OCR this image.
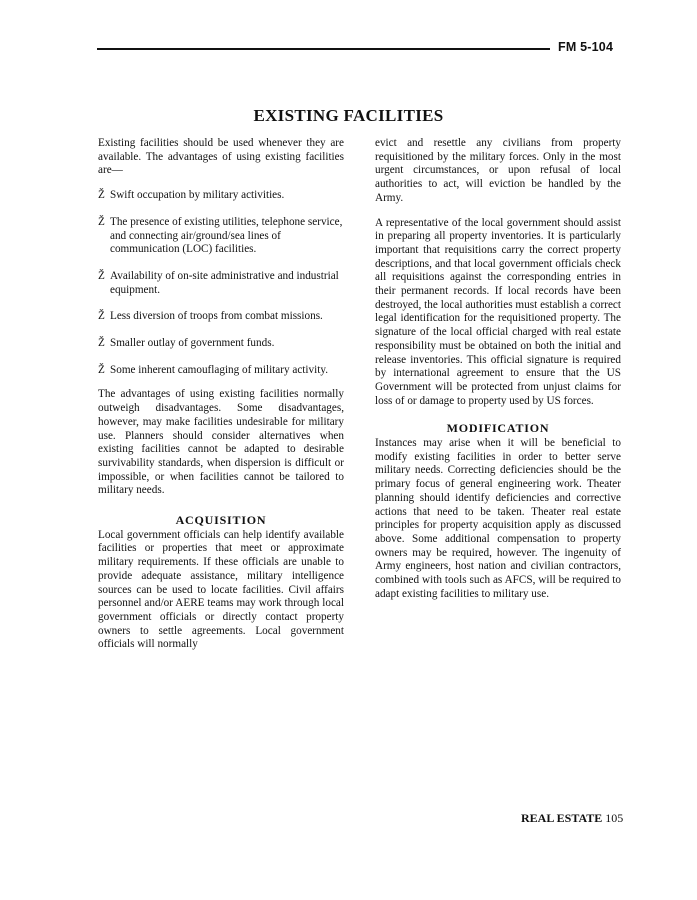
FM 5-104
EXISTING FACILITIES

Existing facilities should be used whenever they are available. The advantages of using existing facilities are—

Ž Swift occupation by military activities.
Ž The presence of existing utilities, telephone service, and connecting air/ground/sea lines of communication (LOC) facilities.
Ž Availability of on-site administrative and industrial equipment.
Ž Less diversion of troops from combat missions.
Ž Smaller outlay of government funds.
Ž Some inherent camouflaging of military activity.

The advantages of using existing facilities normally outweigh disadvantages. Some disadvantages, however, may make facilities undesirable for military use. Planners should consider alternatives when existing facilities cannot be adapted to desirable survivability standards, when dispersion is difficult or impossible, or when facilities cannot be tailored to military needs.

ACQUISITION

Local government officials can help identify available facilities or properties that meet or approximate military requirements. If these officials are unable to provide adequate assistance, military intelligence sources can be used to locate facilities. Civil affairs personnel and/or AERE teams may work through local government officials or directly contact property owners to settle agreements. Local government officials will normally

evict and resettle any civilians from property requisitioned by the military forces. Only in the most urgent circumstances, or upon refusal of local authorities to act, will eviction be handled by the Army.

A representative of the local government should assist in preparing all property inventories. It is particularly important that requisitions carry the correct property descriptions, and that local government officials check all requisitions against the corresponding entries in their permanent records. If local records have been destroyed, the local authorities must establish a correct legal identification for the requisitioned property. The signature of the local official charged with real estate responsibility must be obtained on both the initial and release inventories. This official signature is required by international agreement to ensure that the US Government will be protected from unjust claims for loss of or damage to property used by US forces.

MODIFICATION

Instances may arise when it will be beneficial to modify existing facilities in order to better serve military needs. Correcting deficiencies should be the primary focus of general engineering work. Theater planning should identify deficiencies and corrective actions that need to be taken. Theater real estate principles for property acquisition apply as discussed above. Some additional compensation to property owners may be required, however. The ingenuity of Army engineers, host nation and civilian contractors, combined with tools such as AFCS, will be required to adapt existing facilities to military use.

REAL ESTATE 105
